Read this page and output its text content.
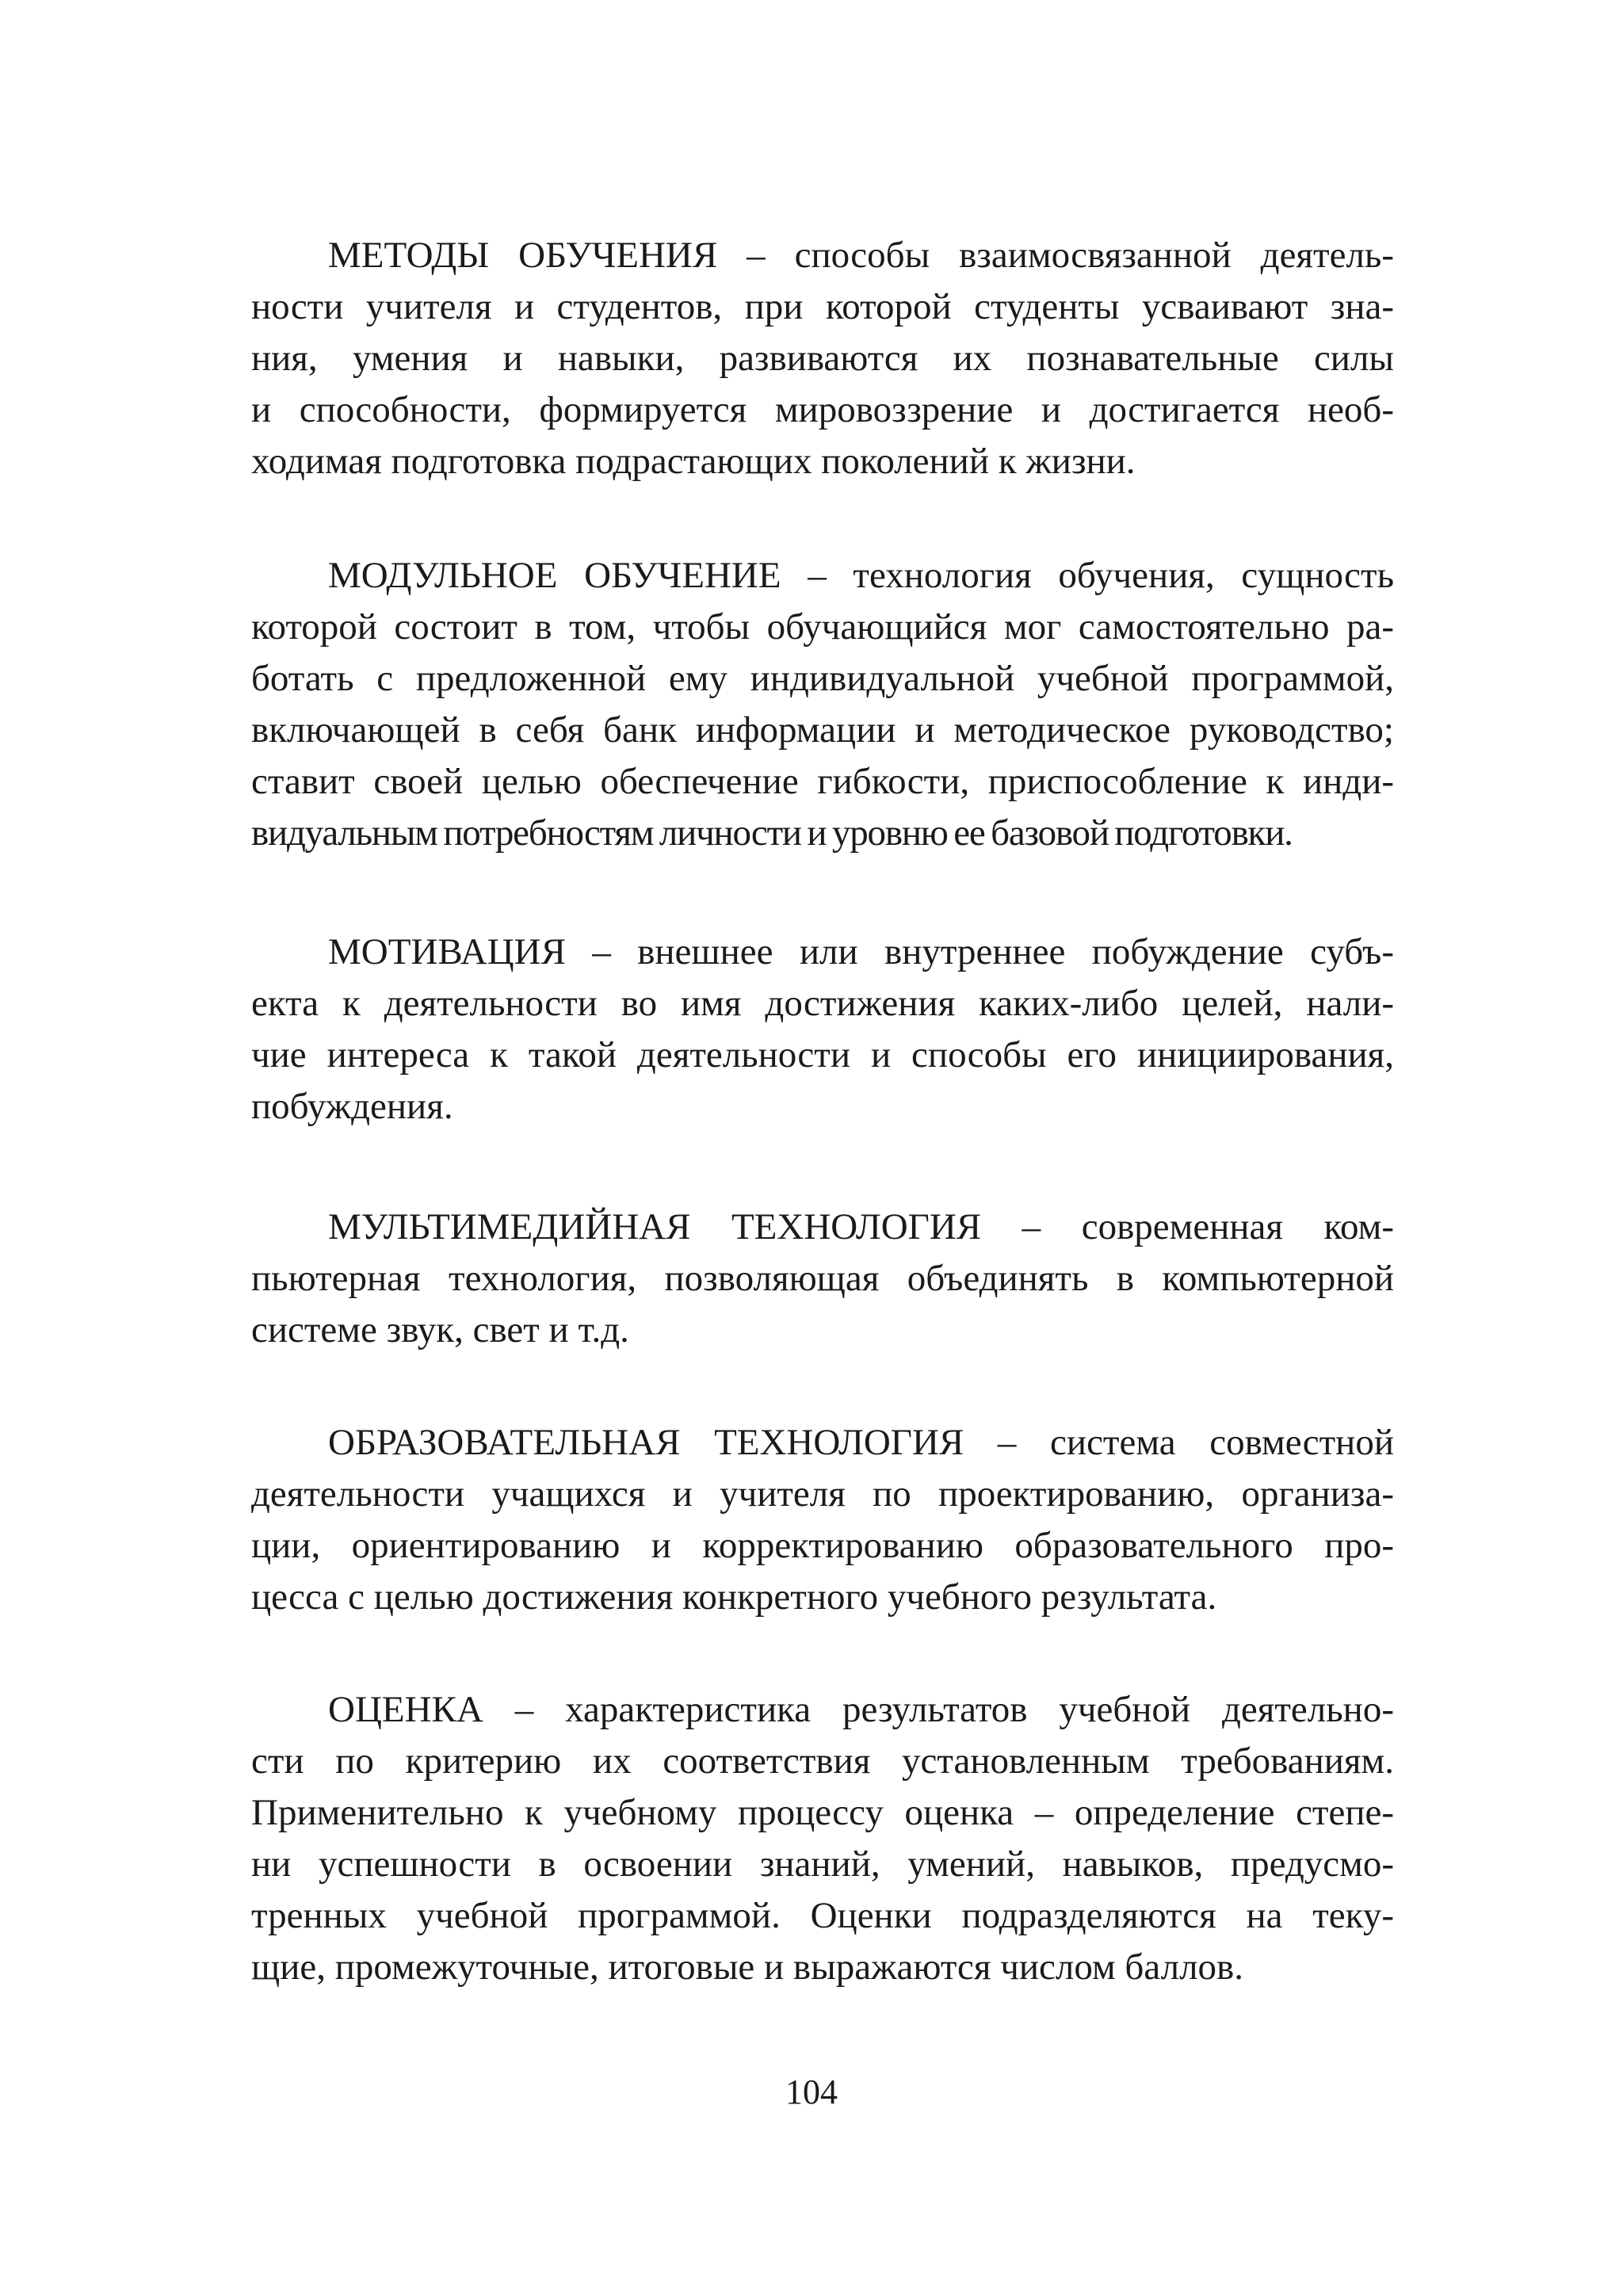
МЕТОДЫ ОБУЧЕНИЯ – способы взаимосвязанной деятель-
ности учителя и студентов, при которой студенты усваивают зна-
ния, умения и навыки, развиваются их познавательные силы
и способности, формируется мировоззрение и достигается необ-
ходимая подготовка подрастающих поколений к жизни.
МОДУЛЬНОЕ ОБУЧЕНИЕ – технология обучения, сущность
которой состоит в том, чтобы обучающийся мог самостоятельно ра-
ботать с предложенной ему индивидуальной учебной программой,
включающей в себя банк информации и методическое руководство;
ставит своей целью обеспечение гибкости, приспособление к инди-
видуальным потребностям личности и уровню ее базовой подготовки.
МОТИВАЦИЯ – внешнее или внутреннее побуждение субъ-
екта к деятельности во имя достижения каких-либо целей, нали-
чие интереса к такой деятельности и способы его инициирования,
побуждения.
МУЛЬТИМЕДИЙНАЯ ТЕХНОЛОГИЯ – современная ком-
пьютерная технология, позволяющая объединять в компьютерной
системе звук, свет и т.д.
ОБРАЗОВАТЕЛЬНАЯ ТЕХНОЛОГИЯ – система совместной
деятельности учащихся и учителя по проектированию, организа-
ции, ориентированию и корректированию образовательного про-
цесса с целью достижения конкретного учебного результата.
ОЦЕНКА – характеристика результатов учебной деятельно-
сти по критерию их соответствия установленным требованиям.
Применительно к учебному процессу оценка – определение степе-
ни успешности в освоении знаний, умений, навыков, предусмо-
тренных учебной программой. Оценки подразделяются на теку-
щие, промежуточные, итоговые и выражаются числом баллов.
104
